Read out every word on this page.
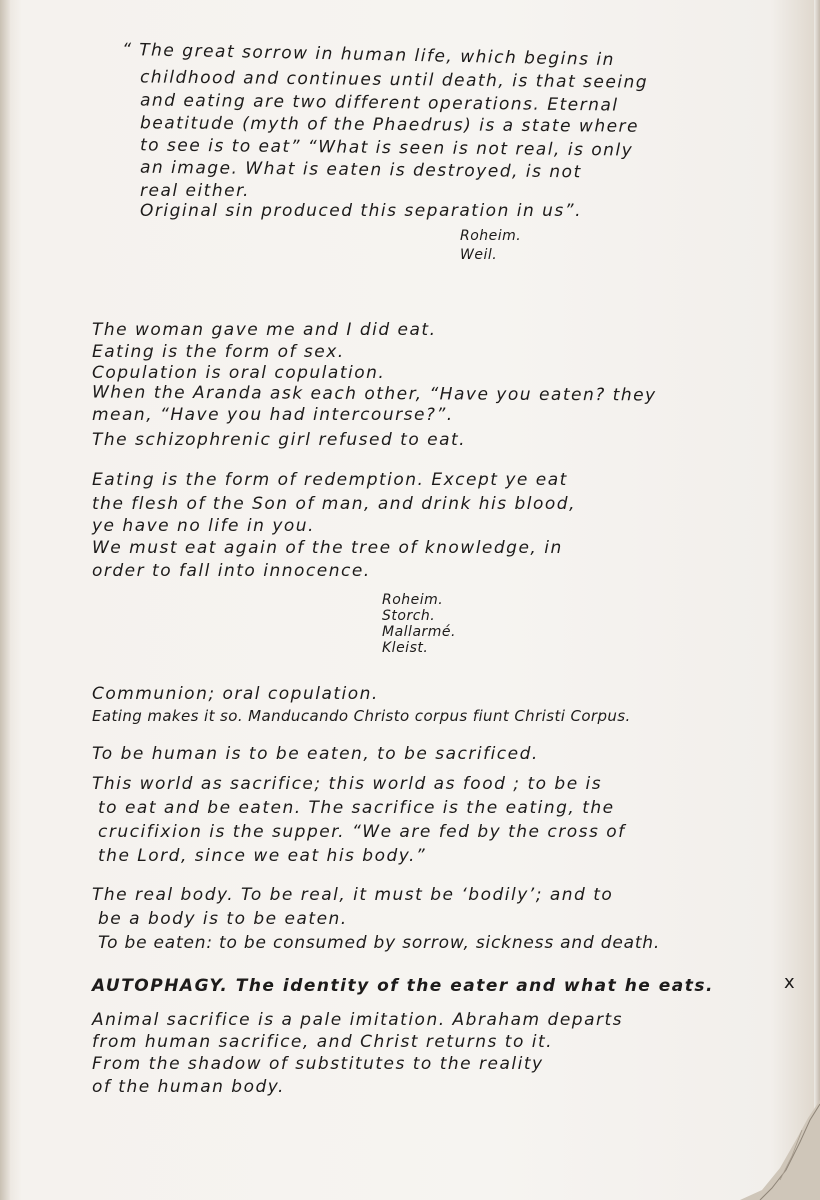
“ The great sorrow in human life, which begins in
childhood and continues until death, is that seeing
and eating are two different operations. Eternal
beatitude (myth of the Phaedrus) is a state where
to see is to eat” “What is seen is not real, is only
an image. What is eaten is destroyed, is not
real either.
Original sin produced this separation in us”.
Roheim.
Weil.
The woman gave me and I did eat.
Eating is the form of sex.
Copulation is oral copulation.
When the Aranda ask each other, “Have you eaten? they
mean, “Have you had intercourse?”.
The schizophrenic girl refused to eat.
Eating is the form of redemption. Except ye eat
the flesh of the Son of man, and drink his blood,
ye have no life in you.
We must eat again of the tree of knowledge, in
order to fall into innocence.
Roheim.
Storch.
Mallarmé.
Kleist.
Communion; oral copulation.
Eating makes it so. Manducando Christo corpus fiunt Christi Corpus.
To be human is to be eaten, to be sacrificed.
This world as sacrifice; this world as food ; to be is
to eat and be eaten. The sacrifice is the eating, the
crucifixion is the supper. “We are fed by the cross of
the Lord, since we eat his body.”
The real body. To be real, it must be ‘bodily’; and to
be a body is to be eaten.
To be eaten: to be consumed by sorrow, sickness and death.
AUTOPHAGY. The identity of the eater and what he eats.	x
Animal sacrifice is a pale imitation. Abraham departs
from human sacrifice, and Christ returns to it.
From the shadow of substitutes to the reality
of the human body.
